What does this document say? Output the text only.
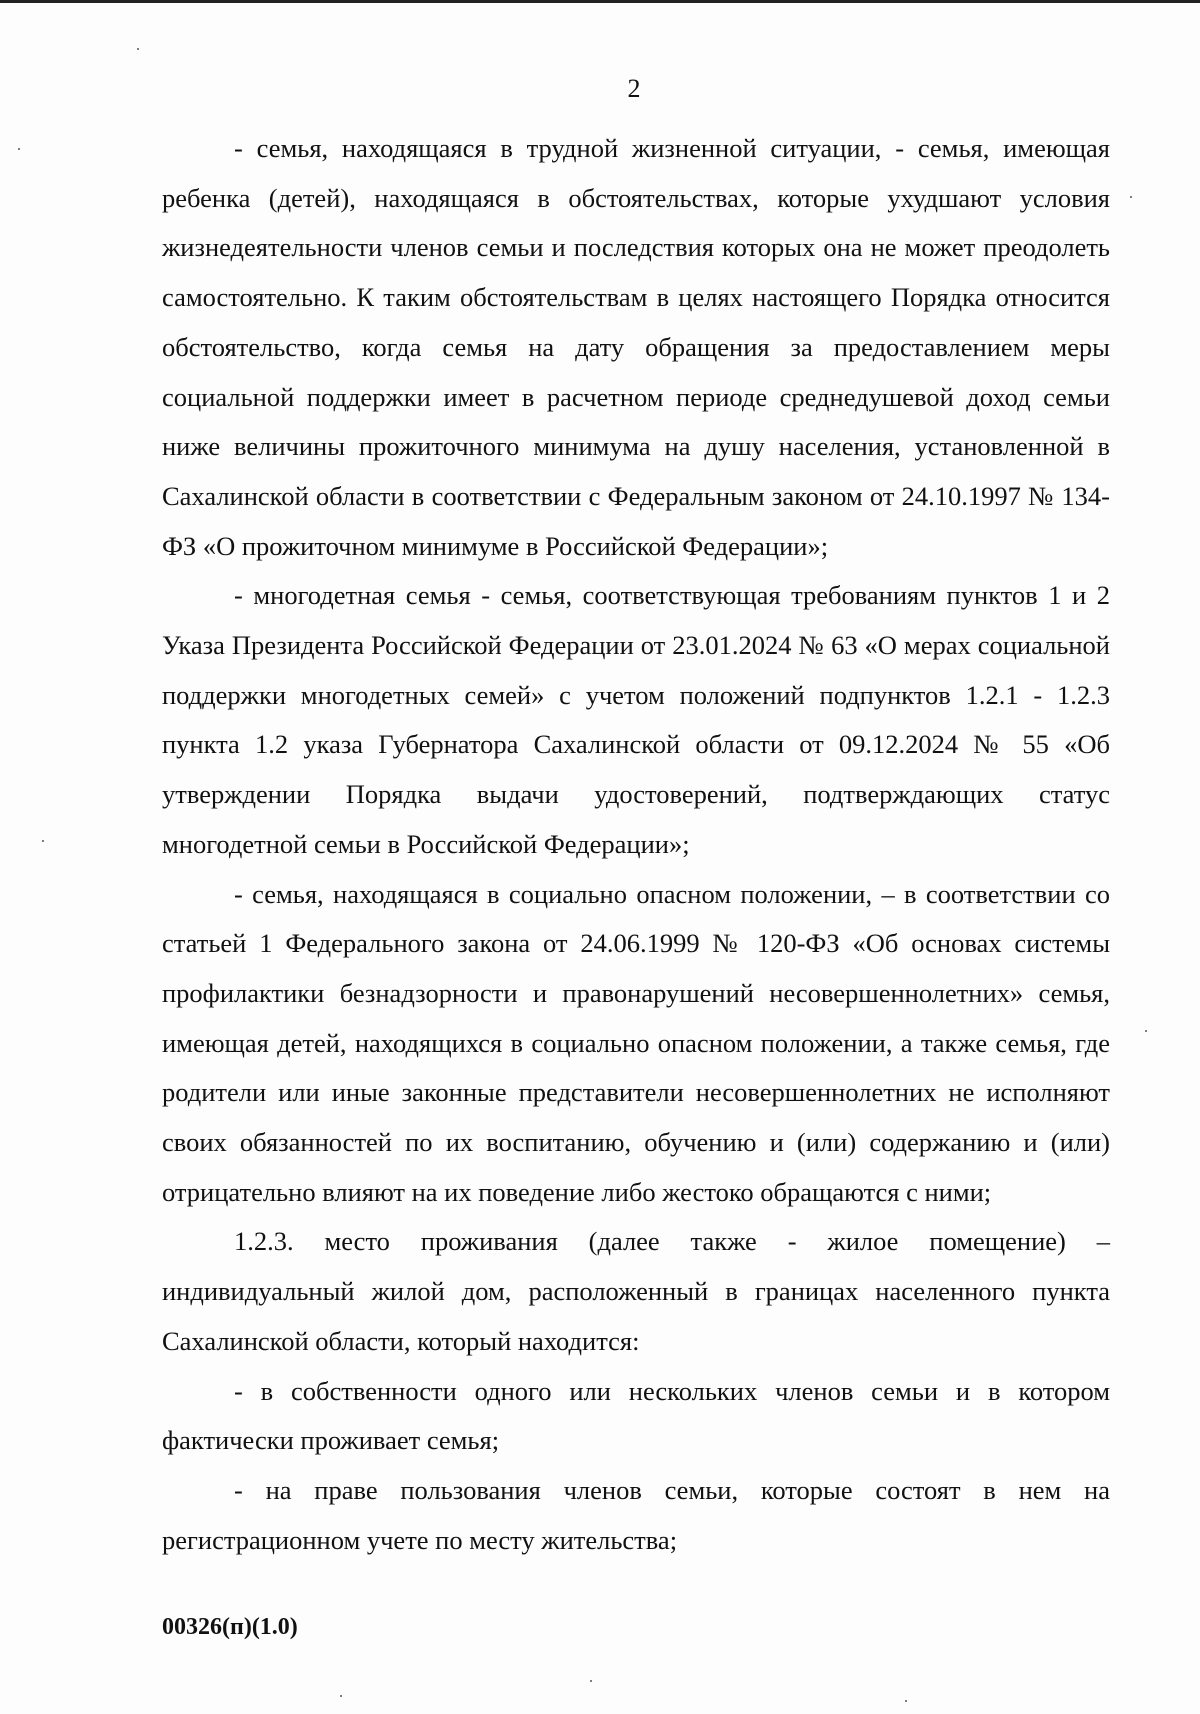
2

- семья, находящаяся в трудной жизненной ситуации, - семья, имеющая ребенка (детей), находящаяся в обстоятельствах, которые ухудшают условия жизнедеятельности членов семьи и последствия которых она не может преодолеть самостоятельно. К таким обстоятельствам в целях настоящего Порядка относится обстоятельство, когда семья на дату обращения за предоставлением меры социальной поддержки имеет в расчетном периоде среднедушевой доход семьи ниже величины прожиточного минимума на душу населения, установленной в Сахалинской области в соответствии с Федеральным законом от 24.10.1997 № 134-ФЗ «О прожиточном минимуме в Российской Федерации»;

- многодетная семья - семья, соответствующая требованиям пунктов 1 и 2 Указа Президента Российской Федерации от 23.01.2024 № 63 «О мерах социальной поддержки многодетных семей» с учетом положений подпунктов 1.2.1 - 1.2.3 пункта 1.2 указа Губернатора Сахалинской области от 09.12.2024 № 55 «Об утверждении Порядка выдачи удостоверений, подтверждающих статус многодетной семьи в Российской Федерации»;

- семья, находящаяся в социально опасном положении, – в соответствии со статьей 1 Федерального закона от 24.06.1999 № 120-ФЗ «Об основах системы профилактики безнадзорности и правонарушений несовершеннолетних» семья, имеющая детей, находящихся в социально опасном положении, а также семья, где родители или иные законные представители несовершеннолетних не исполняют своих обязанностей по их воспитанию, обучению и (или) содержанию и (или) отрицательно влияют на их поведение либо жестоко обращаются с ними;

1.2.3. место проживания (далее также - жилое помещение) – индивидуальный жилой дом, расположенный в границах населенного пункта Сахалинской области, который находится:

- в собственности одного или нескольких членов семьи и в котором фактически проживает семья;

- на праве пользования членов семьи, которые состоят в нем на регистрационном учете по месту жительства;

00326(п)(1.0)
